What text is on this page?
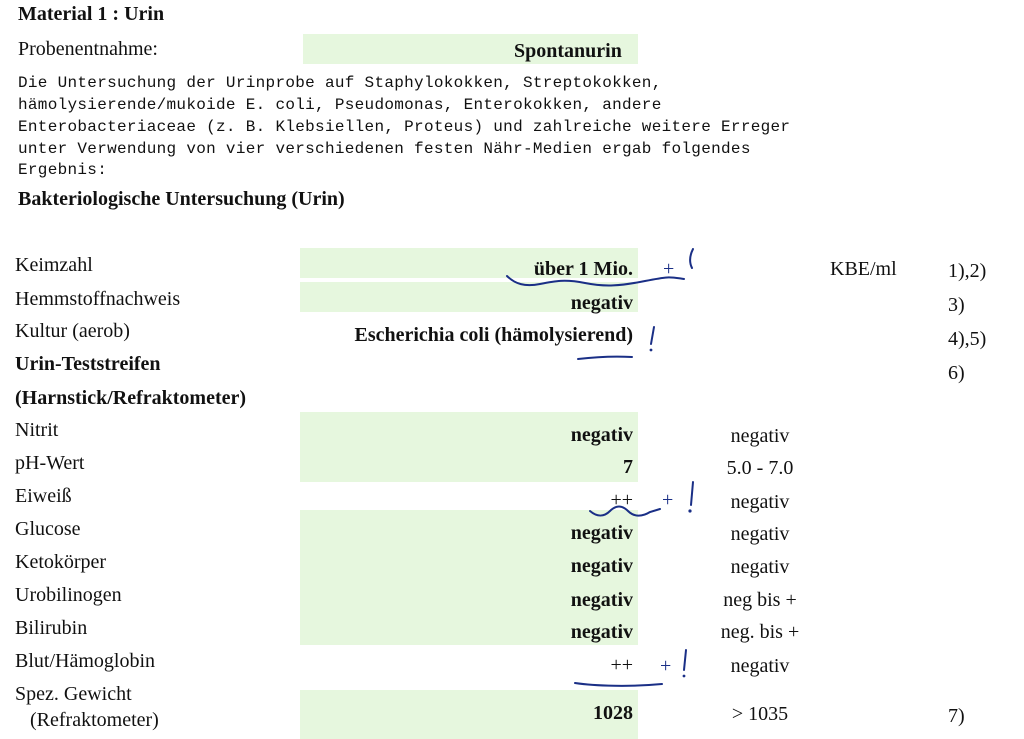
Material 1 : Urin
Probenentnahme:	Spontanurin
Die Untersuchung der Urinprobe auf Staphylokokken, Streptokokken,
hämolysierende/mukoide E. coli, Pseudomonas, Enterokokken, andere
Enterobacteriaceae (z. B. Klebsiellen, Proteus) und zahlreiche weitere Erreger
unter Verwendung von vier verschiedenen festen Nähr-Medien ergab folgendes
Ergebnis:
Bakteriologische Untersuchung (Urin)
Keimzahl	über 1 Mio.	KBE/ml	1),2)
Hemmstoffnachweis	negativ	3)
Kultur (aerob)	Escherichia coli (hämolysierend)	4),5)
Urin-Teststreifen	6)
(Harnstick/Refraktometer)
Nitrit	negativ	negativ
pH-Wert	7	5.0 - 7.0
Eiweiß	++	negativ
Glucose	negativ	negativ
Ketokörper	negativ	negativ
Urobilinogen	negativ	neg bis +
Bilirubin	negativ	neg. bis +
Blut/Hämoglobin	++	negativ
Spez. Gewicht
(Refraktometer)	1028	> 1035	7)
+
+
+
